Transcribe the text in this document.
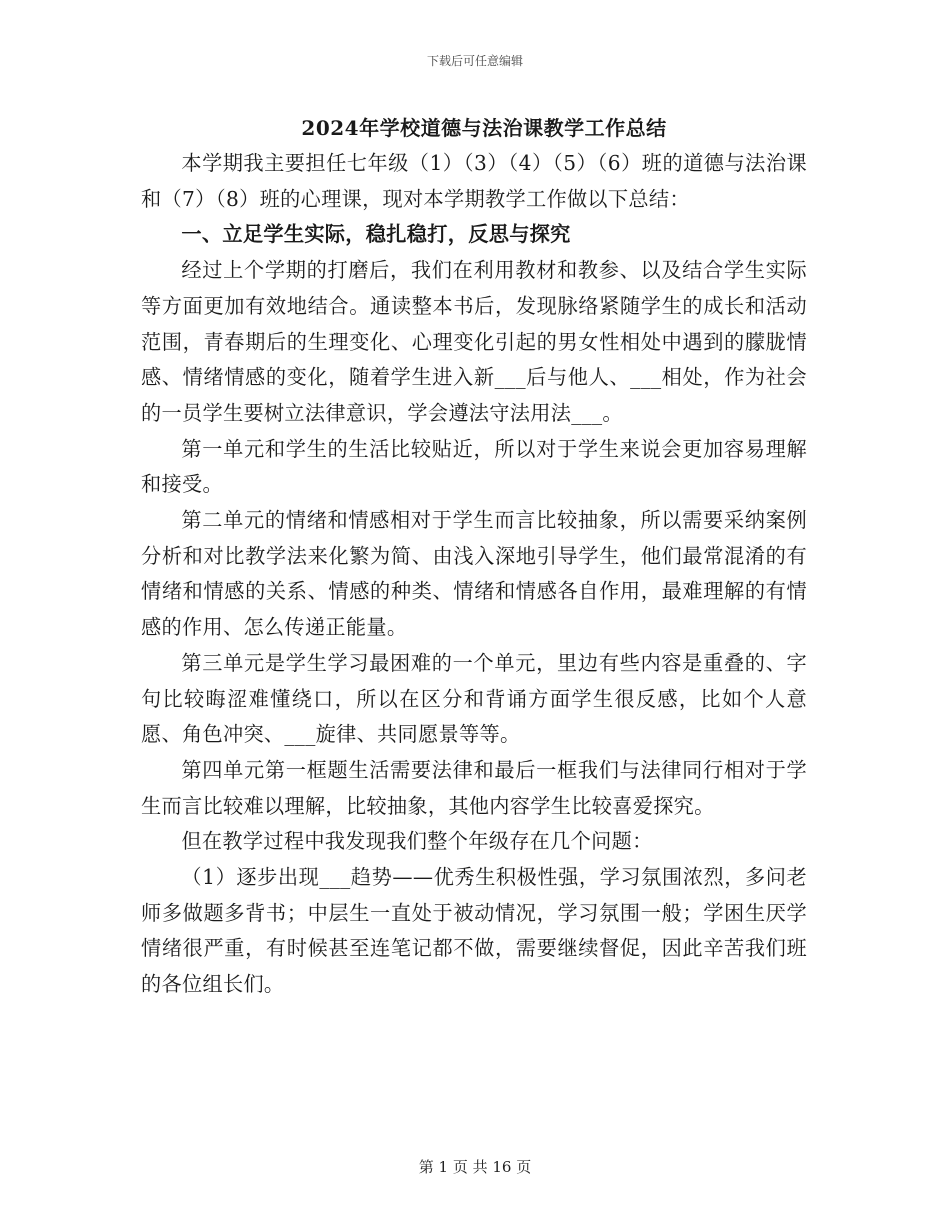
下载后可任意编辑
2024年学校道德与法治课教学工作总结

本学期我主要担任七年级（1）（3）（4）（5）（6）班的道德与法治课和（7）（8）班的心理课，现对本学期教学工作做以下总结：

一、立足学生实际，稳扎稳打，反思与探究

经过上个学期的打磨后，我们在利用教材和教参、以及结合学生实际等方面更加有效地结合。通读整本书后，发现脉络紧随学生的成长和活动范围，青春期后的生理变化、心理变化引起的男女性相处中遇到的朦胧情感、情绪情感的变化，随着学生进入新___后与他人、___相处，作为社会的一员学生要树立法律意识，学会遵法守法用法___。

第一单元和学生的生活比较贴近，所以对于学生来说会更加容易理解和接受。

第二单元的情绪和情感相对于学生而言比较抽象，所以需要采纳案例分析和对比教学法来化繁为简、由浅入深地引导学生，他们最常混淆的有情绪和情感的关系、情感的种类、情绪和情感各自作用，最难理解的有情感的作用、怎么传递正能量。

第三单元是学生学习最困难的一个单元，里边有些内容是重叠的、字句比较晦涩难懂绕口，所以在区分和背诵方面学生很反感，比如个人意愿、角色冲突、___旋律、共同愿景等等。

第四单元第一框题生活需要法律和最后一框我们与法律同行相对于学生而言比较难以理解，比较抽象，其他内容学生比较喜爱探究。

但在教学过程中我发现我们整个年级存在几个问题：

（1）逐步出现___趋势——优秀生积极性强，学习氛围浓烈，多问老师多做题多背书；中层生一直处于被动情况，学习氛围一般；学困生厌学情绪很严重，有时候甚至连笔记都不做，需要继续督促，因此辛苦我们班的各位组长们。

第 1 页 共 16 页
